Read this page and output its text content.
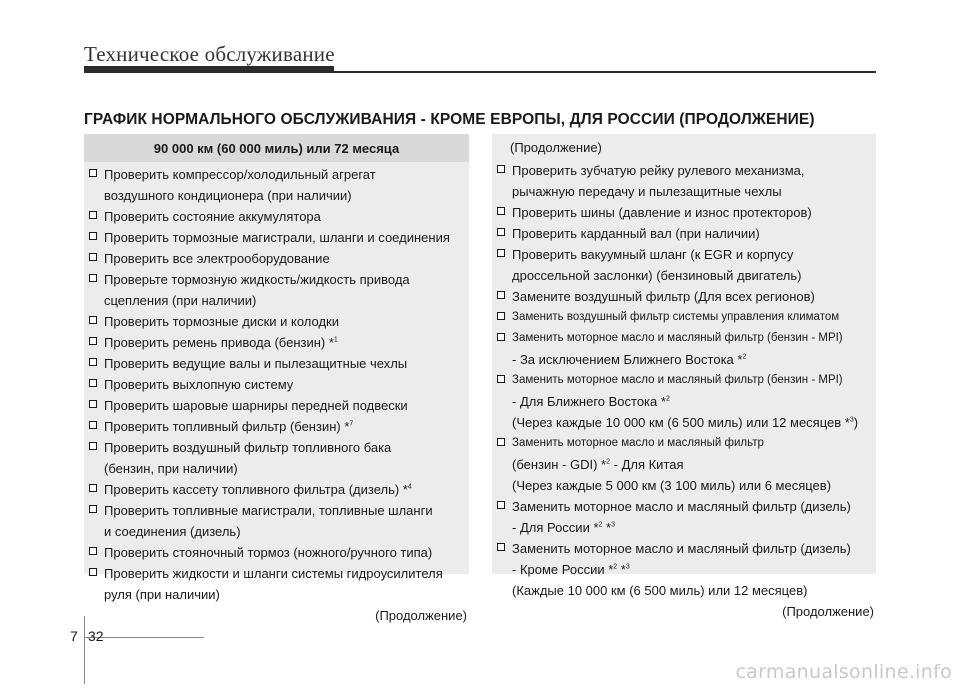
Техническое обслуживание
ГРАФИК НОРМАЛЬНОГО ОБСЛУЖИВАНИЯ - КРОМЕ ЕВРОПЫ, ДЛЯ РОССИИ (ПРОДОЛЖЕНИЕ)
90 000 км (60 000 миль) или 72 месяца
Проверить компрессор/холодильный агрегат
воздушного кондиционера (при наличии)
Проверить состояние аккумулятора
Проверить тормозные магистрали, шланги и соединения
Проверить все электрооборудование
Проверьте тормозную жидкость/жидкость привода
сцепления (при наличии)
Проверить тормозные диски и колодки
Проверить ремень привода (бензин) *$^1$
Проверить ведущие валы и пылезащитные чехлы
Проверить выхлопную систему
Проверить шаровые шарниры передней подвески
Проверить топливный фильтр (бензин) *$^7$
Проверить воздушный фильтр топливного бака
(бензин, при наличии)
Проверить кассету топливного фильтра (дизель) *$^4$
Проверить топливные магистрали, топливные шланги
и соединения (дизель)
Проверить стояночный тормоз (ножного/ручного типа)
Проверить жидкости и шланги системы гидроусилителя
руля (при наличии)
(Продолжение)
(Продолжение)
Проверить зубчатую рейку рулевого механизма,
рычажную передачу и пылезащитные чехлы
Проверить шины (давление и износ протекторов)
Проверить карданный вал (при наличии)
Проверить вакуумный шланг (к EGR и корпусу
дроссельной заслонки) (бензиновый двигатель)
Замените воздушный фильтр (Для всех регионов)
Заменить воздушный фильтр системы управления климатом
Заменить моторное масло и масляный фильтр (бензин - MPI)
- За исключением Ближнего Востока *$^2$
Заменить моторное масло и масляный фильтр (бензин - MPI)
- Для Ближнего Востока *$^2$
(Через каждые 10 000 км (6 500 миль) или 12 месяцев *$^3$)
Заменить моторное масло и масляный фильтр
(бензин - GDI) *$^2$ - Для Китая
(Через каждые 5 000 км (3 100 миль) или 6 месяцев)
Заменить моторное масло и масляный фильтр (дизель)
- Для России *$^2$ *$^3$
Заменить моторное масло и масляный фильтр (дизель)
- Кроме России *$^2$ *$^3$
(Каждые 10 000 км (6 500 миль) или 12 месяцев)
(Продолжение)
7 32
carmanualsonline.info
